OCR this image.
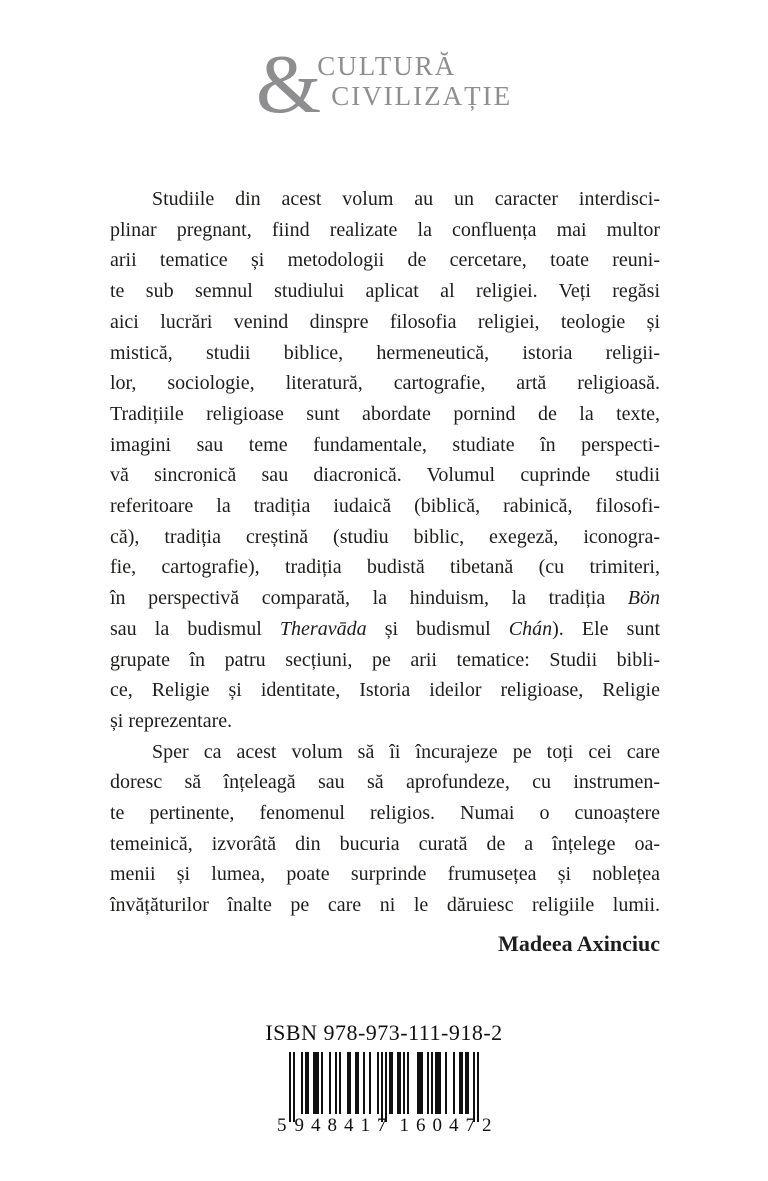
&
CULTURĂ
CIVILIZAȚIE
Studiile din acest volum au un caracter interdisci-
plinar pregnant, fiind realizate la confluența mai multor
arii tematice și metodologii de cercetare, toate reuni-
te sub semnul studiului aplicat al religiei. Veți regăsi
aici lucrări venind dinspre filosofia religiei, teologie și
mistică, studii biblice, hermeneutică, istoria religii-
lor, sociologie, literatură, cartografie, artă religioasă.
Tradițiile religioase sunt abordate pornind de la texte,
imagini sau teme fundamentale, studiate în perspecti-
vă sincronică sau diacronică. Volumul cuprinde studii
referitoare la tradiția iudaică (biblică, rabinică, filosofi-
că), tradiția creștină (studiu biblic, exegeză, iconogra-
fie, cartografie), tradiția budistă tibetană (cu trimiteri,
în perspectivă comparată, la hinduism, la tradiția Bön
sau la budismul Theravāda și budismul Chán). Ele sunt
grupate în patru secțiuni, pe arii tematice: Studii bibli-
ce, Religie și identitate, Istoria ideilor religioase, Religie
și reprezentare.
Sper ca acest volum să îi încurajeze pe toți cei care
doresc să înțeleagă sau să aprofundeze, cu instrumen-
te pertinente, fenomenul religios. Numai o cunoaștere
temeinică, izvorâtă din bucuria curată de a înțelege oa-
menii și lumea, poate surprinde frumusețea și noblețea
învățăturilor înalte pe care ni le dăruiesc religiile lumii.
Madeea Axinciuc
ISBN 978-973-111-918-2
5 948417 160472
